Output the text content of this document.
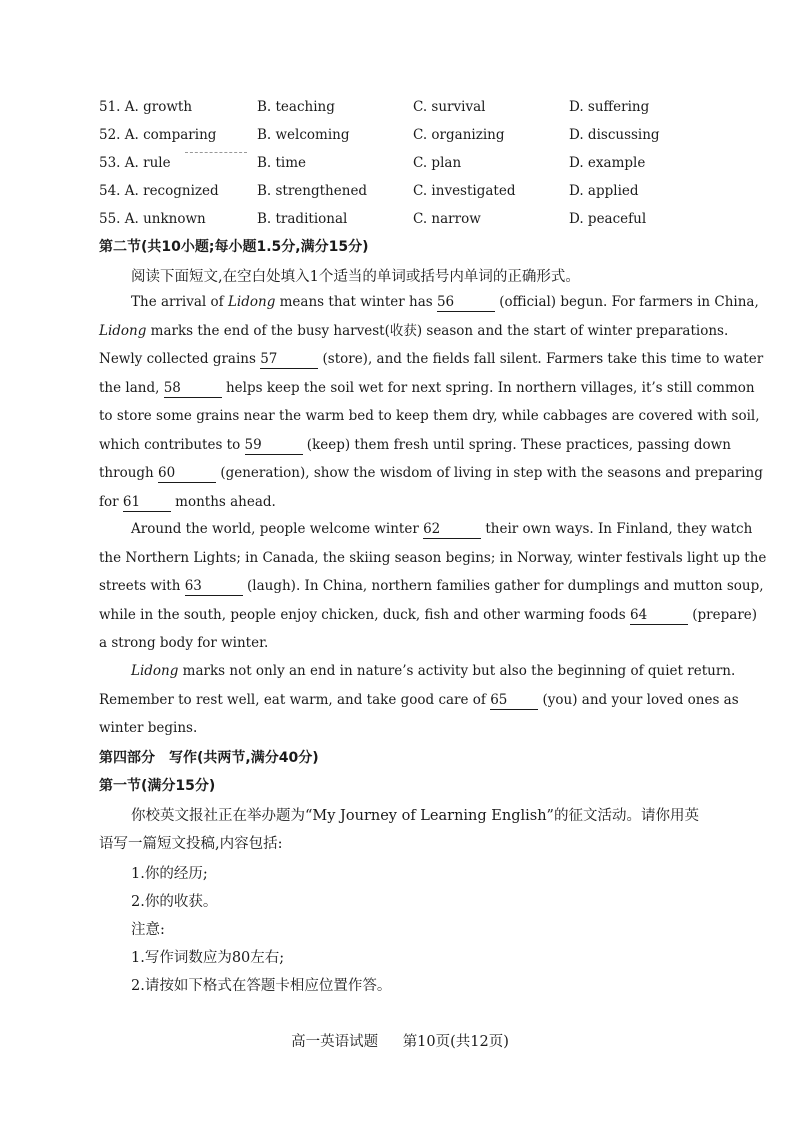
51. A. growth	B. teaching	C. survival	D. suffering
52. A. comparing	B. welcoming	C. organizing	D. discussing
53. A. rule	B. time	C. plan	D. example
54. A. recognized	B. strengthened	C. investigated	D. applied
55. A. unknown	B. traditional	C. narrow	D. peaceful
第二节(共10小题;每小题1.5分,满分15分)
阅读下面短文,在空白处填入1个适当的单词或括号内单词的正确形式。
The arrival of Lidong means that winter has 56	(official) begun. For farmers in China,
Lidong marks the end of the busy harvest(收获) season and the start of winter preparations.
Newly collected grains 57	(store), and the fields fall silent. Farmers take this time to water
the land, 58	helps keep the soil wet for next spring. In northern villages, it’s still common
to store some grains near the warm bed to keep them dry, while cabbages are covered with soil,
which contributes to 59	(keep) them fresh until spring. These practices, passing down
through 60	(generation), show the wisdom of living in step with the seasons and preparing
for 61 months ahead.
Around the world, people welcome winter 62	their own ways. In Finland, they watch
the Northern Lights; in Canada, the skiing season begins; in Norway, winter festivals light up the
streets with 63	(laugh). In China, northern families gather for dumplings and mutton soup,
while in the south, people enjoy chicken, duck, fish and other warming foods 64	(prepare)
a strong body for winter.
Lidong marks not only an end in nature’s activity but also the beginning of quiet return.
Remember to rest well, eat warm, and take good care of 65 (you) and your loved ones as
winter begins.
第四部分　写作(共两节,满分40分)
第一节(满分15分)
你校英文报社正在举办题为“My Journey of Learning English”的征文活动。请你用英
语写一篇短文投稿,内容包括:
1.你的经历;
2.你的收获。
注意:
1.写作词数应为80左右;
2.请按如下格式在答题卡相应位置作答。
高一英语试题 第10页(共12页)
